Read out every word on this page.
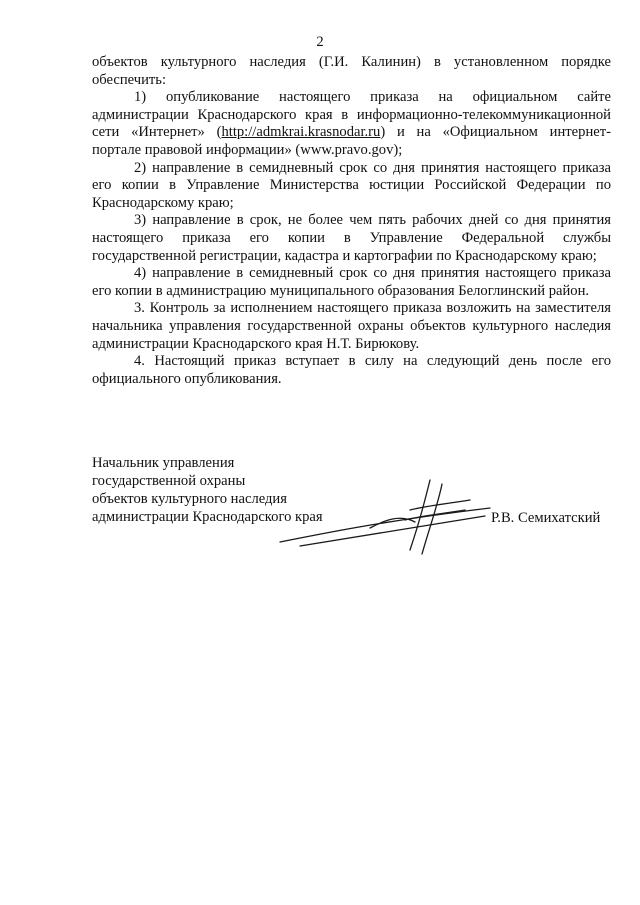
2

объектов культурного наследия (Г.И. Калинин) в установленном порядке обеспечить:

1) опубликование настоящего приказа на официальном сайте администрации Краснодарского края в информационно-телекоммуникационной сети «Интернет» (http://admkrai.krasnodar.ru) и на «Официальном интернет-портале правовой информации» (www.pravo.gov);

2) направление в семидневный срок со дня принятия настоящего приказа его копии в Управление Министерства юстиции Российской Федерации по Краснодарскому краю;

3) направление в срок, не более чем пять рабочих дней со дня принятия настоящего приказа его копии в Управление Федеральной службы государственной регистрации, кадастра и картографии по Краснодарскому краю;

4) направление в семидневный срок со дня принятия настоящего приказа его копии в администрацию муниципального образования Белоглинский район.

3. Контроль за исполнением настоящего приказа возложить на заместителя начальника управления государственной охраны объектов культурного наследия администрации Краснодарского края Н.Т. Бирюкову.

4. Настоящий приказ вступает в силу на следующий день после его официального опубликования.

Начальник управления
государственной охраны
объектов культурного наследия
администрации Краснодарского края	Р.В. Семихатский
